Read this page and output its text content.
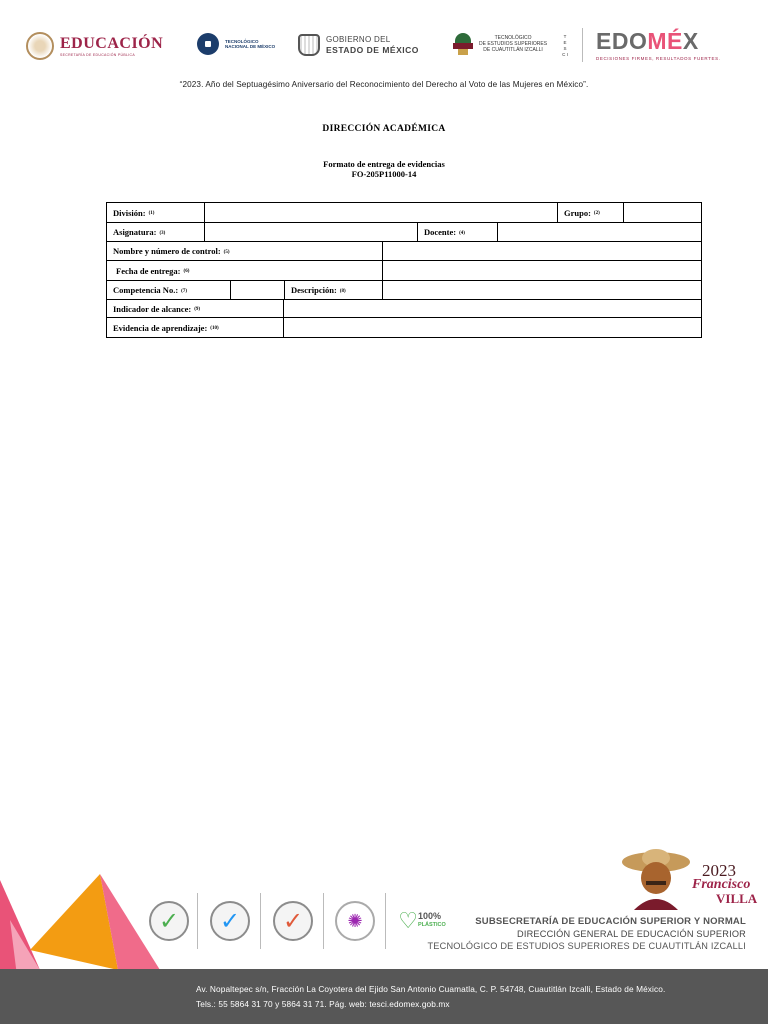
EDUCACIÓN
SECRETARÍA DE EDUCACIÓN PÚBLICA
TECNOLÓGICO
NACIONAL DE MÉXICO
GOBIERNO DEL
ESTADO DE MÉXICO
TECNOLÓGICO
DE ESTUDIOS SUPERIORES
DE CUAUTITLÁN IZCALLI
T E S C I
EDOMÉX
DECISIONES FIRMES, RESULTADOS FUERTES.
“2023. Año del Septuagésimo Aniversario del Reconocimiento del Derecho al Voto de las Mujeres en México”.
DIRECCIÓN ACADÉMICA
Formato de entrega de evidencias
FO-205P11000-14
División: (1)	Grupo: (2)
Asignatura: (3)	Docente: (4)
Nombre y número de control: (5)
Fecha de entrega: (6)
Competencia No.: (7)	Descripción: (8)
Indicador de alcance: (9)
Evidencia de aprendizaje: (10)
✓ ✓ ✓ ✺ ♡ 100%
PLÁSTICO
2023
Francisco
VILLA
SUBSECRETARÍA DE EDUCACIÓN SUPERIOR Y NORMAL
DIRECCIÓN GENERAL DE EDUCACIÓN SUPERIOR
TECNOLÓGICO DE ESTUDIOS SUPERIORES DE CUAUTITLÁN IZCALLI
Av. Nopaltepec s/n, Fracción La Coyotera del Ejido San Antonio Cuamatla, C. P. 54748, Cuautitlán Izcalli, Estado de México.
Tels.: 55 5864 31 70 y 5864 31 71. Pág. web: tesci.edomex.gob.mx
